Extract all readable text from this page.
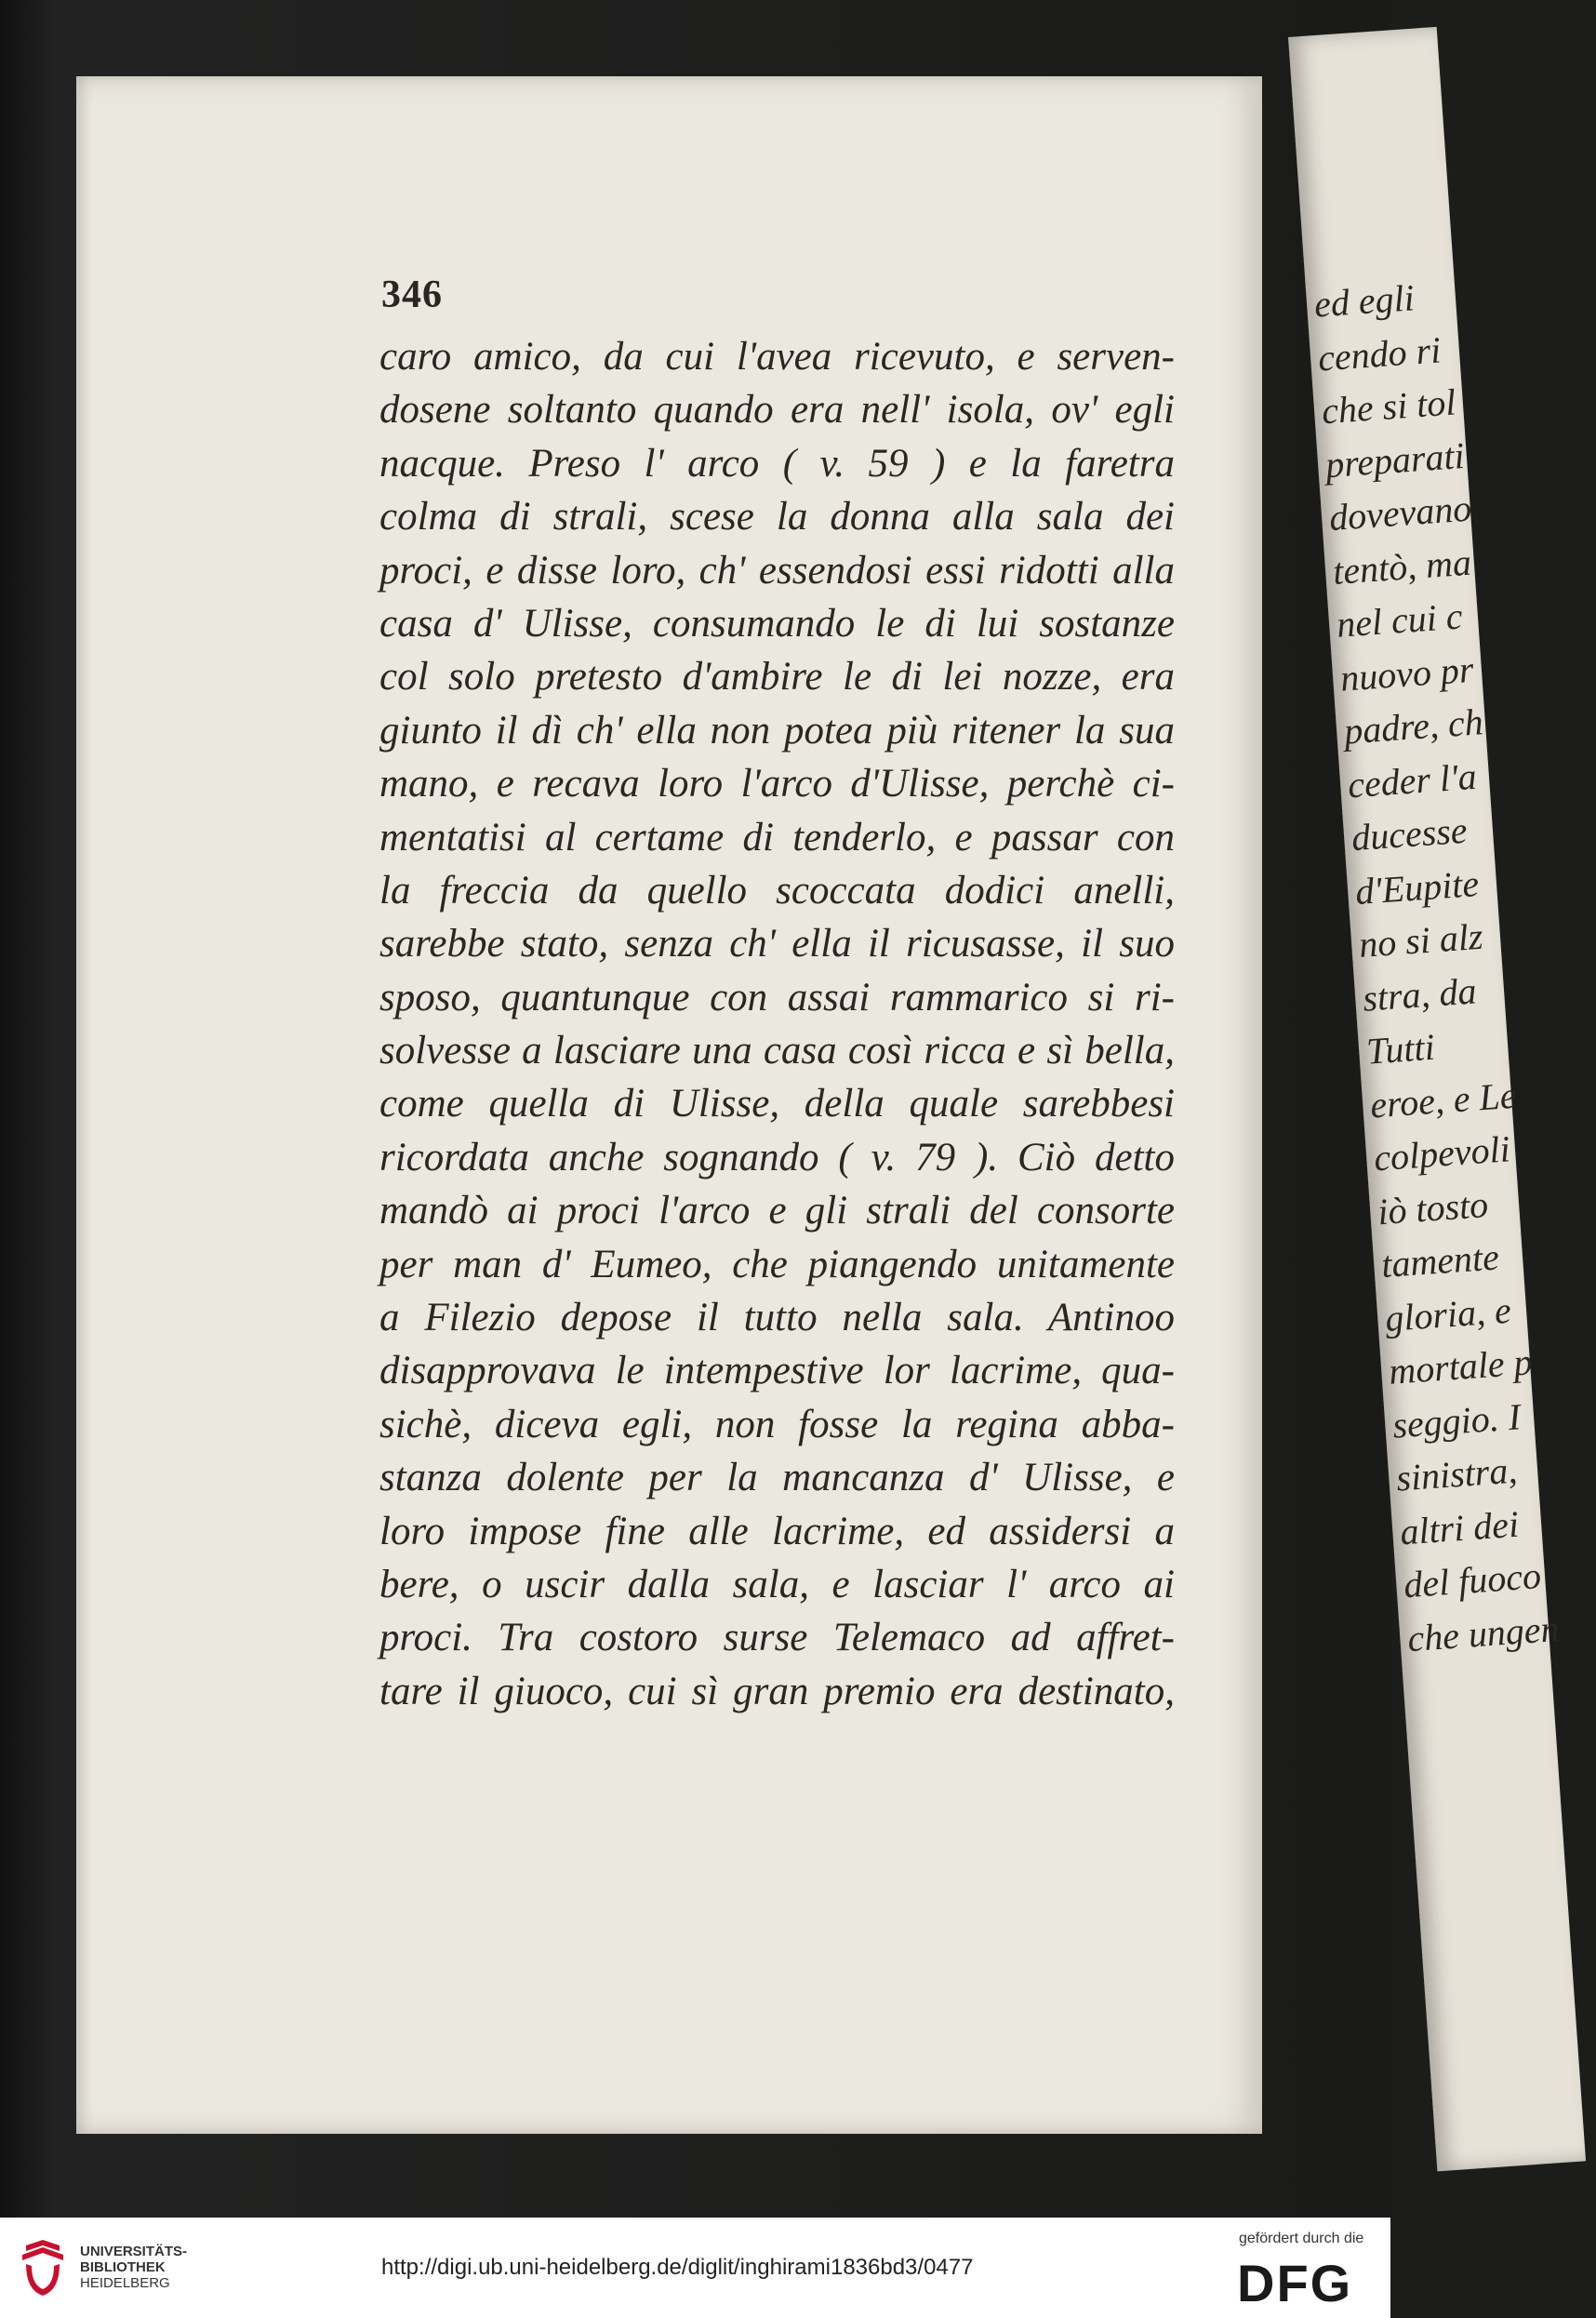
346
caro amico, da cui l'avea ricevuto, e serven-
dosene soltanto quando era nell' isola, ov' egli
nacque. Preso l' arco ( v. 59 ) e la faretra
colma di strali, scese la donna alla sala dei
proci, e disse loro, ch' essendosi essi ridotti alla
casa d' Ulisse, consumando le di lui sostanze
col solo pretesto d'ambire le di lei nozze, era
giunto il dì ch' ella non potea più ritener la sua
mano, e recava loro l'arco d'Ulisse, perchè ci-
mentatisi al certame di tenderlo, e passar con
la freccia da quello scoccata dodici anelli,
sarebbe stato, senza ch' ella il ricusasse, il suo
sposo, quantunque con assai rammarico si ri-
solvesse a lasciare una casa così ricca e sì bella,
come quella di Ulisse, della quale sarebbesi
ricordata anche sognando ( v. 79 ). Ciò detto
mandò ai proci l'arco e gli strali del consorte
per man d' Eumeo, che piangendo unitamente
a Filezio depose il tutto nella sala. Antinoo
disapprovava le intempestive lor lacrime, qua-
sichè, diceva egli, non fosse la regina abba-
stanza dolente per la mancanza d' Ulisse, e
loro impose fine alle lacrime, ed assidersi a
bere, o uscir dalla sala, e lasciar l' arco ai
proci. Tra costoro surse Telemaco ad affret-
tare il giuoco, cui sì gran premio era destinato,
ed egli
cendo ri
che si tol
preparati
dovevano
tentò, ma
nel cui c
nuovo pr
padre, ch
ceder l'a
ducesse
d'Eupite
no si alz
stra, da
Tutti
eroe, e Le
colpevoli
iò tosto
tamente
gloria, e
mortale p
seggio. I
sinistra,
altri dei
del fuoco
che ungen
UNIVERSITÄTS-
BIBLIOTHEK
HEIDELBERG
http://digi.ub.uni-heidelberg.de/diglit/inghirami1836bd3/0477
gefördert durch die
DFG
